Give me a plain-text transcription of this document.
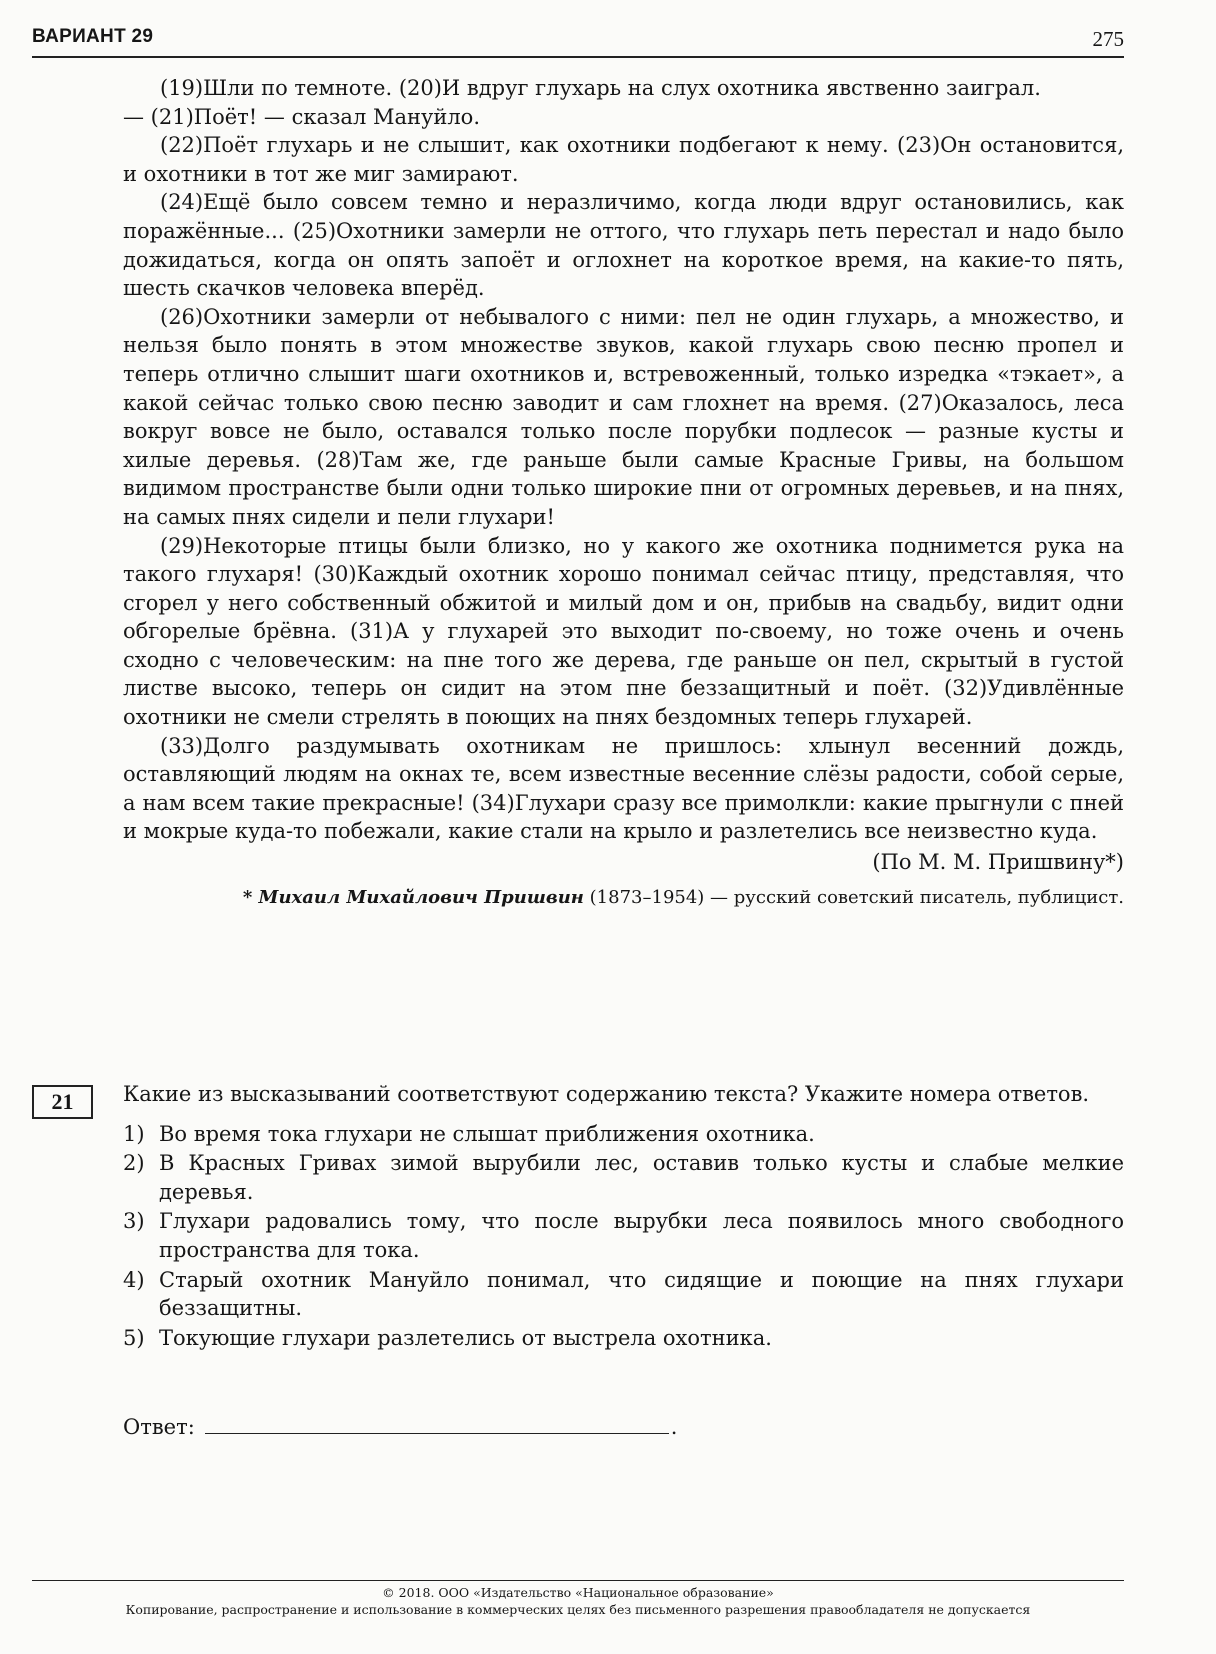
ВАРИАНТ 29	275

(19)Шли по темноте. (20)И вдруг глухарь на слух охотника явственно заиграл.

— (21)Поёт! — сказал Мануйло.

(22)Поёт глухарь и не слышит, как охотники подбегают к нему. (23)Он остановится, и охотники в тот же миг замирают.

(24)Ещё было совсем темно и неразличимо, когда люди вдруг остановились, как поражённые... (25)Охотники замерли не оттого, что глухарь петь перестал и надо было дожидаться, когда он опять запоёт и оглохнет на короткое время, на какие-то пять, шесть скачков человека вперёд.

(26)Охотники замерли от небывалого с ними: пел не один глухарь, а множество, и нельзя было понять в этом множестве звуков, какой глухарь свою песню пропел и теперь отлично слышит шаги охотников и, встревоженный, только изредка «тэкает», а какой сейчас только свою песню заводит и сам глохнет на время. (27)Оказалось, леса вокруг вовсе не было, оставался только после порубки подлесок — разные кусты и хилые деревья. (28)Там же, где раньше были самые Красные Гривы, на большом видимом пространстве были одни только широкие пни от огромных деревьев, и на пнях, на самых пнях сидели и пели глухари!

(29)Некоторые птицы были близко, но у какого же охотника поднимется рука на такого глухаря! (30)Каждый охотник хорошо понимал сейчас птицу, представляя, что сгорел у него собственный обжитой и милый дом и он, прибыв на свадьбу, видит одни обгорелые брёвна. (31)А у глухарей это выходит по-своему, но тоже очень и очень сходно с человеческим: на пне того же дерева, где раньше он пел, скрытый в густой листве высоко, теперь он сидит на этом пне беззащитный и поёт. (32)Удивлённые охотники не смели стрелять в поющих на пнях бездомных теперь глухарей.

(33)Долго раздумывать охотникам не пришлось: хлынул весенний дождь, оставляющий людям на окнах те, всем известные весенние слёзы радости, собой серые, а нам всем такие прекрасные! (34)Глухари сразу все примолкли: какие прыгнули с пней и мокрые куда-то побежали, какие стали на крыло и разлетелись все неизвестно куда.

(По М. М. Пришвину*)
* Михаил Михайлович Пришвин (1873–1954) — русский советский писатель, публицист.
21	Какие из высказываний соответствуют содержанию текста? Укажите номера ответов.

1) Во время тока глухари не слышат приближения охотника.
2) В Красных Гривах зимой вырубили лес, оставив только кусты и слабые мелкие деревья.
3) Глухари радовались тому, что после вырубки леса появилось много свободного пространства для тока.
4) Старый охотник Мануйло понимал, что сидящие и поющие на пнях глухари беззащитны.
5) Токующие глухари разлетелись от выстрела охотника.
Ответ:	.
© 2018. ООО «Издательство «Национальное образование»
Копирование, распространение и использование в коммерческих целях без письменного разрешения правообладателя не допускается
